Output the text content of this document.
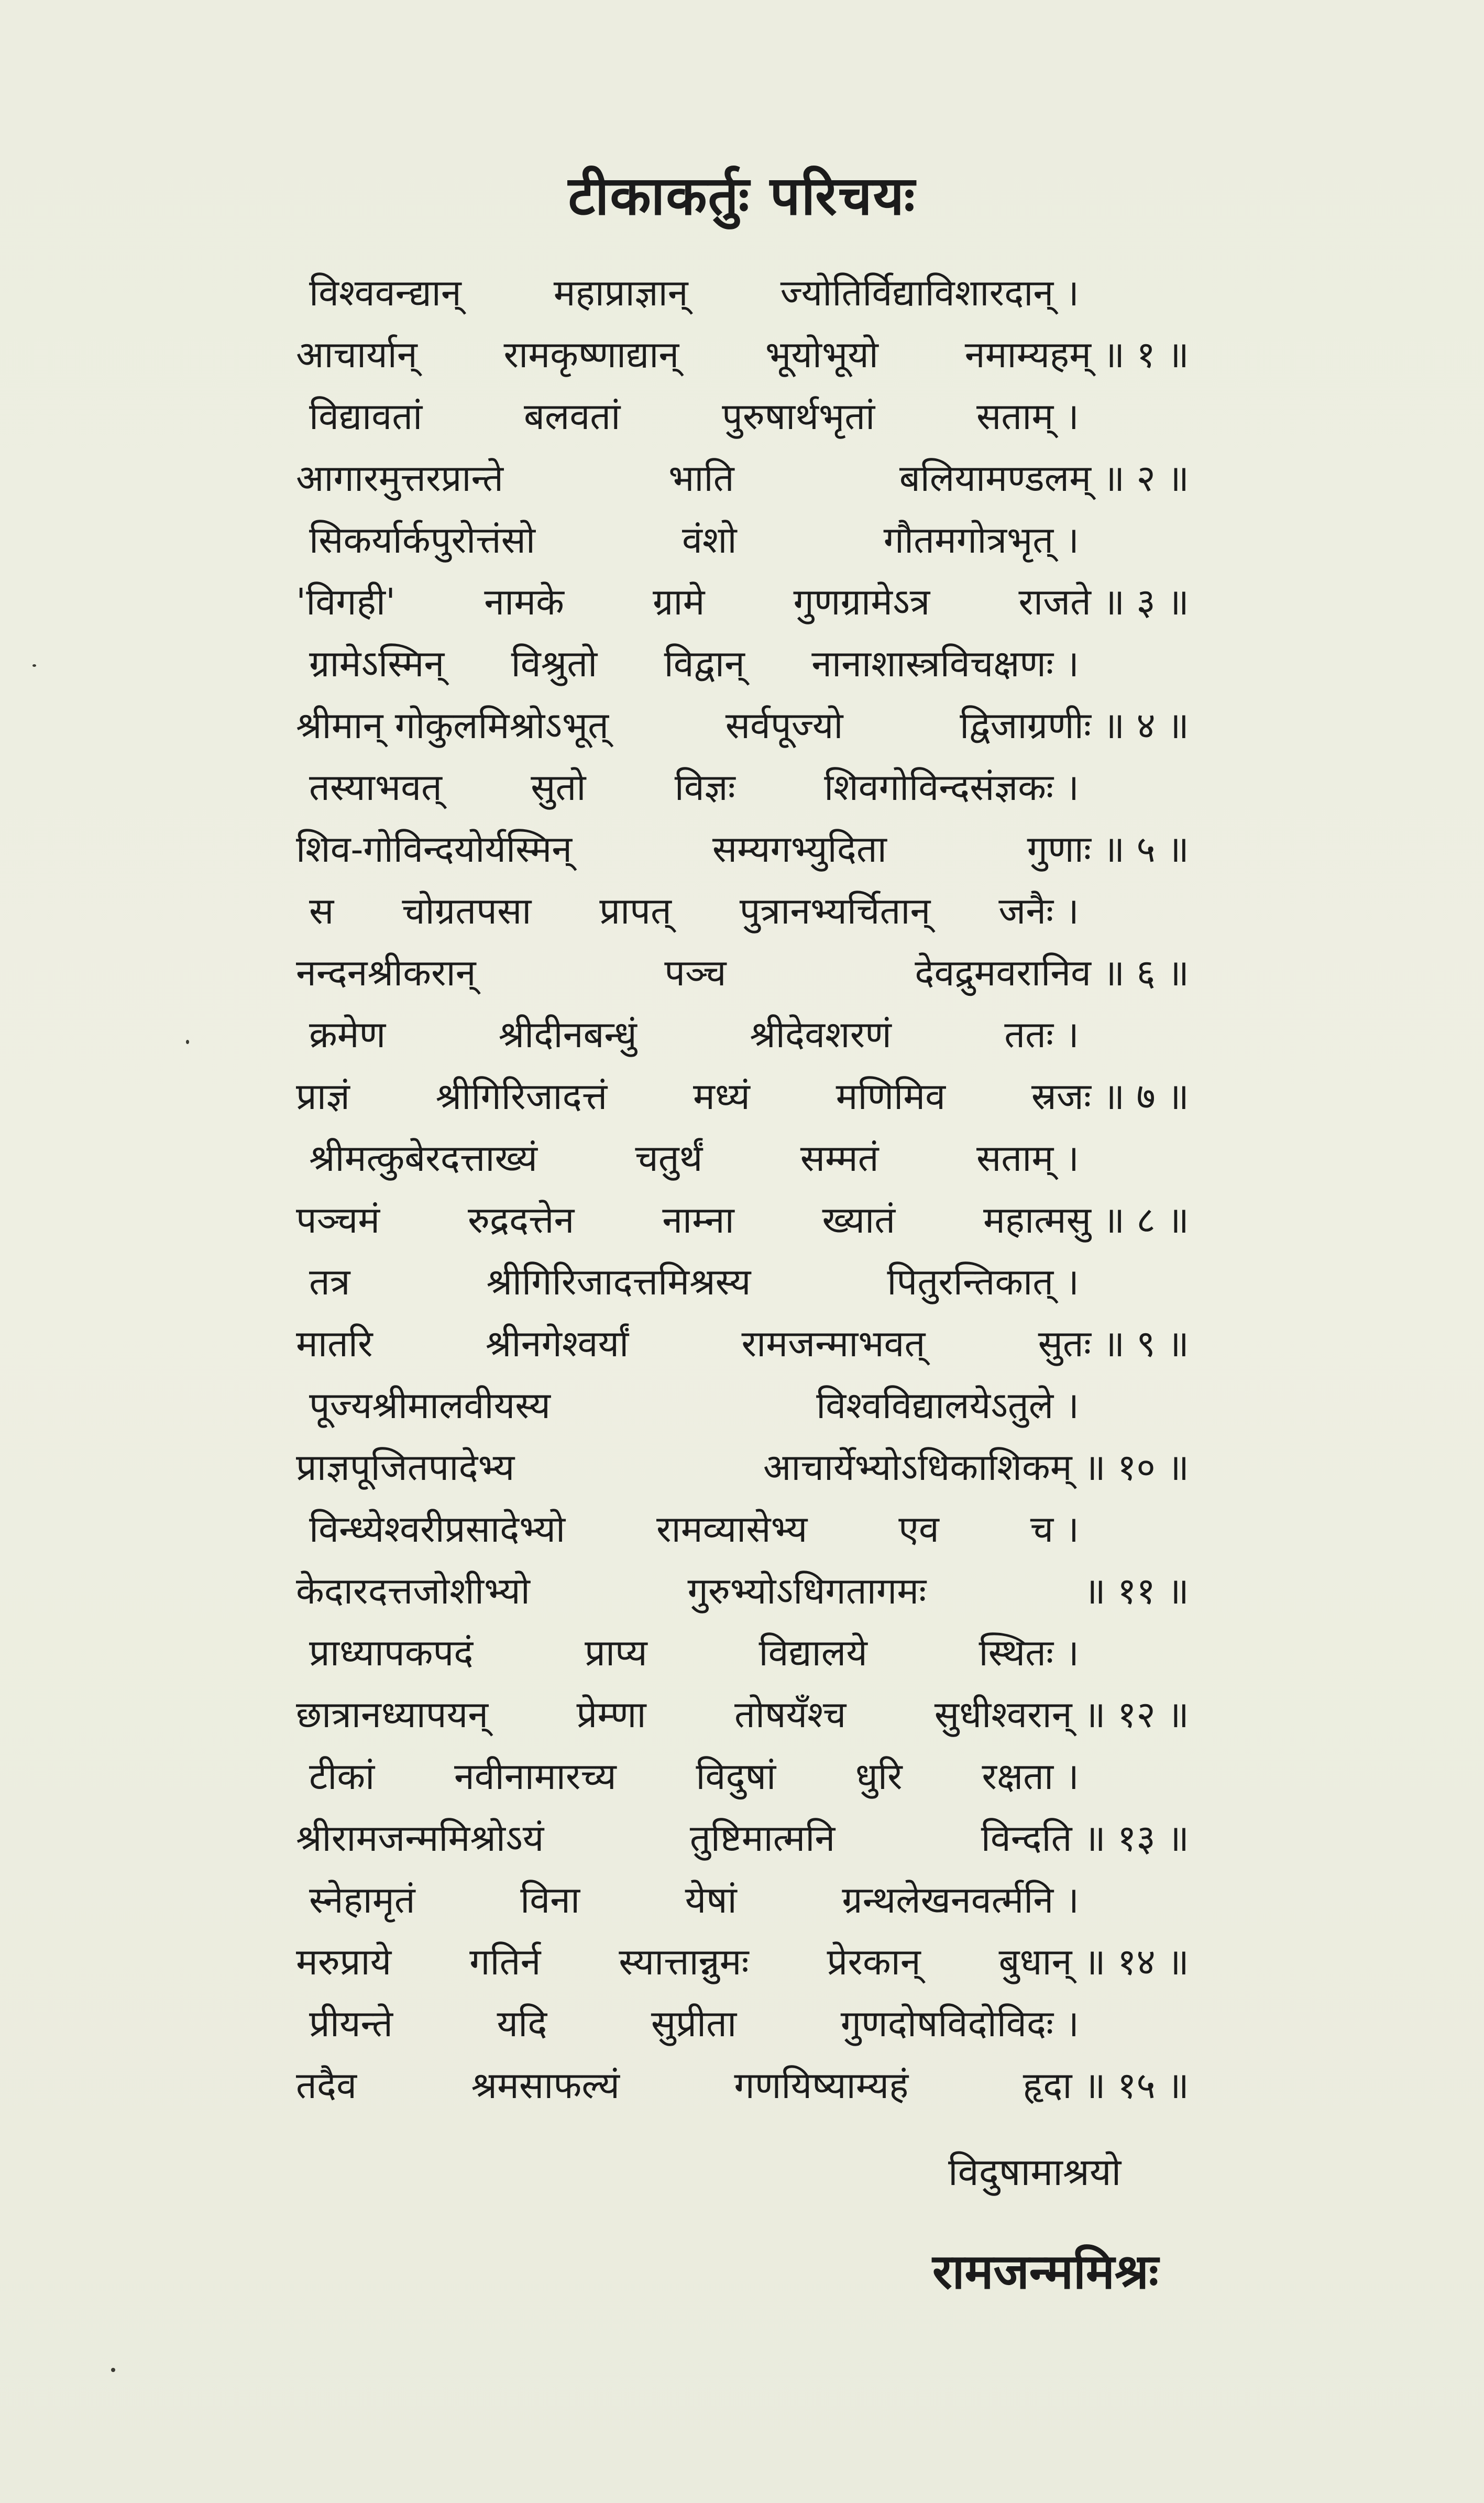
टीकाकर्तुः परिचयः
विश्ववन्द्यान्	महाप्राज्ञान्	ज्योतिर्विद्याविशारदान् ।
आचार्यान् रामकृष्णाद्यान् भूयोभूयो नमाम्यहम् ॥ १ ॥
विद्यावतां	बलवतां	पुरुषार्थभृतां	सताम् ।
आगारमुत्तरप्रान्ते	भाति	बलियामण्डलम् ॥ २ ॥
सिकर्यार्कपुरोत्तंसो	वंशो	गौतमगोत्रभृत् ।
'विगही' नामके ग्रामे गुणग्रामेऽत्र राजते ॥ ३ ॥
ग्रामेऽस्मिन् विश्रुतो विद्वान् नानाशास्त्रविचक्षणः ।
श्रीमान् गोकुलमिश्रोऽभूत्	सर्वपूज्यो	द्विजाग्रणीः ॥ ४ ॥
तस्याभवत् सुतो विज्ञः शिवगोविन्दसंज्ञकः ।
शिव-गोविन्दयोर्यस्मिन्	सम्यगभ्युदिता	गुणाः ॥ ५ ॥
स चोग्रतपसा प्रापत् पुत्रानभ्यर्चितान् जनैः ।
नन्दनश्रीकरान्	पञ्च	देवद्रुमवरानिव ॥ ६ ॥
क्रमेण	श्रीदीनबन्धुं	श्रीदेवशरणं	ततः ।
प्राज्ञं श्रीगिरिजादत्तं मध्यं मणिमिव स्रजः ॥ ७ ॥
श्रीमत्कुबेरदत्ताख्यं	चतुर्थं	सम्मतं	सताम् ।
पञ्चमं रुद्रदत्तेन नाम्ना ख्यातं महात्मसु ॥ ८ ॥
तत्र	श्रीगिरिजादत्तमिश्रस्य	पितुरन्तिकात् ।
मातरि	श्रीनगेश्वर्यां	रामजन्माभवत्	सुतः ॥ ९ ॥
पूज्यश्रीमालवीयस्य	विश्वविद्यालयेऽतुले ।
प्राज्ञपूजितपादेभ्य	आचार्येभ्योऽधिकाशिकम् ॥ १० ॥
विन्ध्येश्वरीप्रसादेभ्यो रामव्यासेभ्य एव च ।
केदारदत्तजोशीभ्यो	गुरुभ्योऽधिगतागमः	॥ ११ ॥
प्राध्यापकपदं	प्राप्य	विद्यालये	स्थितः ।
छात्रानध्यापयन् प्रेम्णा तोषयँश्च सुधीश्वरान् ॥ १२ ॥
टीकां नवीनामारच्य विदुषां धुरि रक्षता ।
श्रीरामजन्ममिश्रोऽयं	तुष्टिमात्मनि	विन्दति ॥ १३ ॥
स्नेहामृतं	विना	येषां	ग्रन्थलेखनवर्त्मनि ।
मरुप्राये गतिर्न स्यात्तान्नुमः प्रेरकान् बुधान् ॥ १४ ॥
प्रीयन्ते	यदि	सुप्रीता	गुणदोषविदोविदः ।
तदैव	श्रमसाफल्यं	गणयिष्याम्यहं	हृदा ॥ १५ ॥
विदुषामाश्रयो
रामजन्ममिश्रः
